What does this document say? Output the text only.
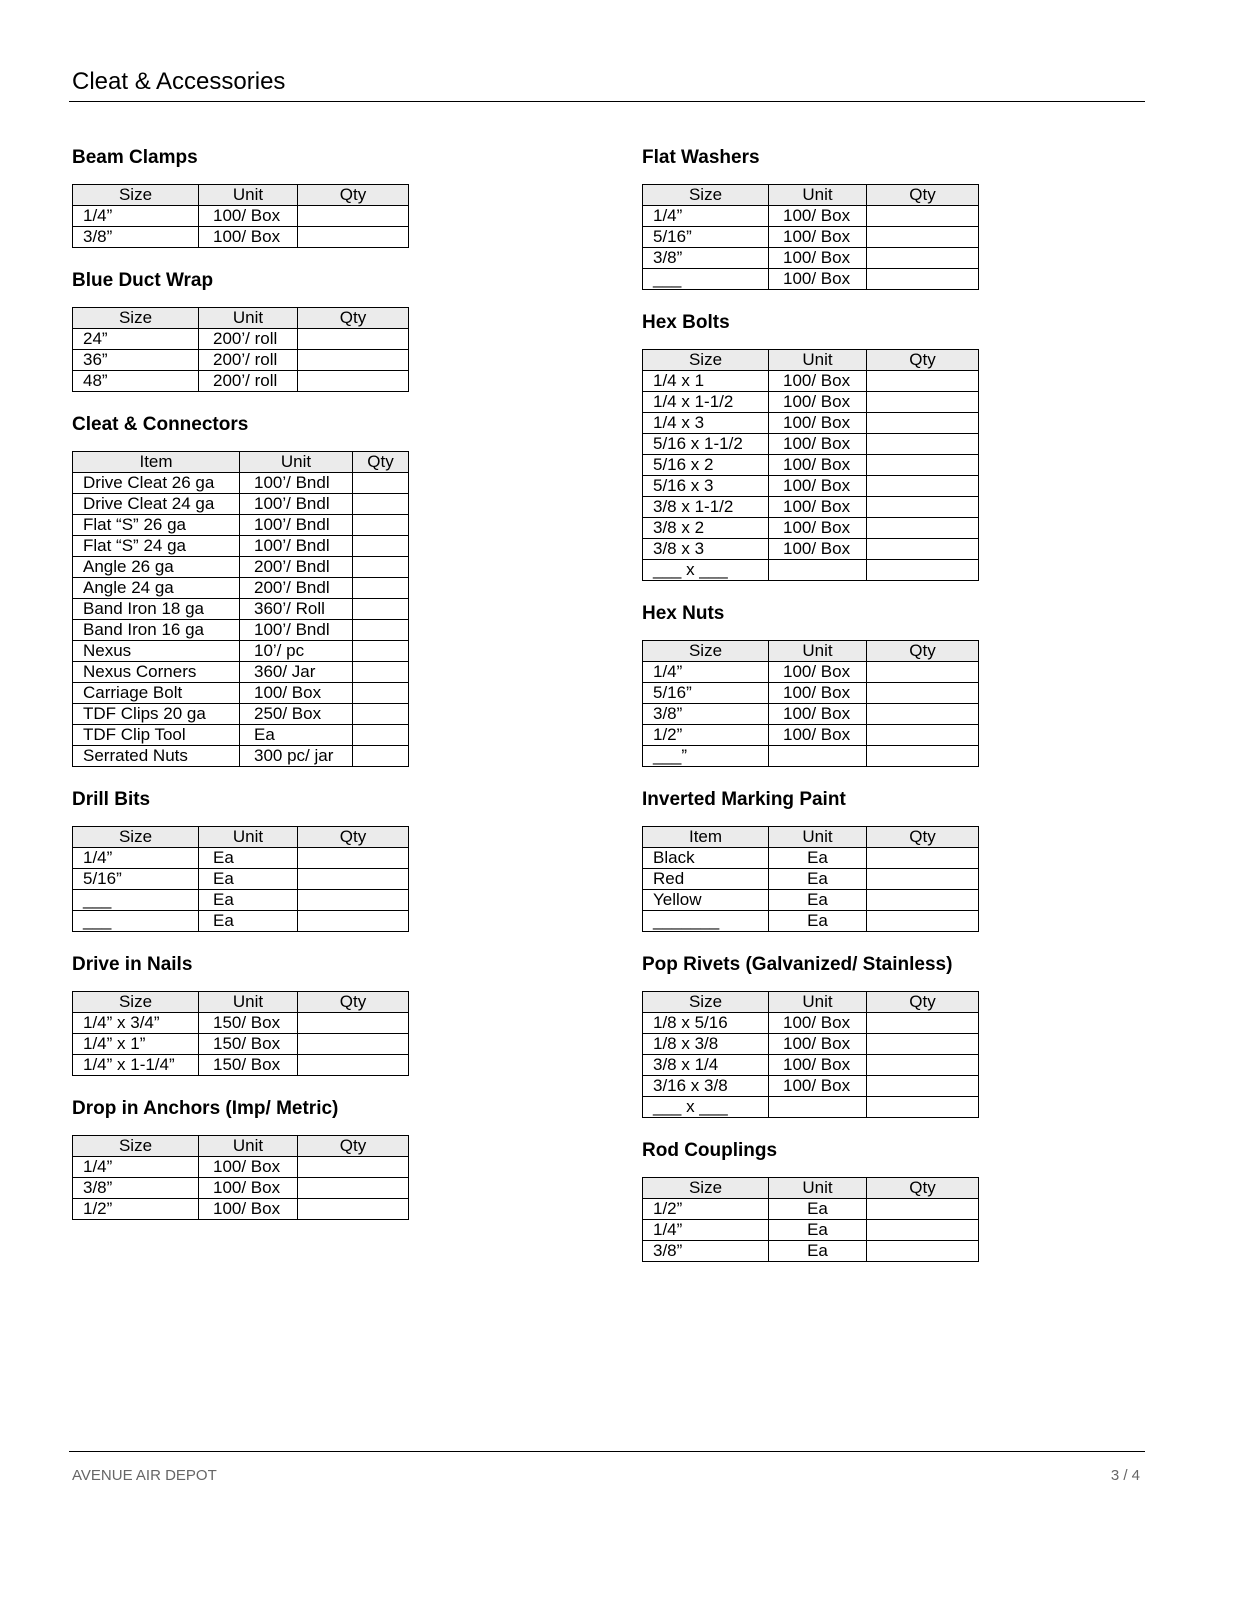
Cleat & Accessories
Beam Clamps
Size	Unit	Qty
1/4”	100/ Box	
3/8”	100/ Box	
Blue Duct Wrap
Size	Unit	Qty
24”	200’/ roll	
36”	200’/ roll	
48”	200’/ roll	
Cleat & Connectors
Item	Unit	Qty
Drive Cleat 26 ga	100’/ Bndl	
Drive Cleat 24 ga	100’/ Bndl	
Flat “S” 26 ga	100’/ Bndl	
Flat “S” 24 ga	100’/ Bndl	
Angle 26 ga	200’/ Bndl	
Angle 24 ga	200’/ Bndl	
Band Iron 18 ga	360’/ Roll	
Band Iron 16 ga	100’/ Bndl	
Nexus	10’/ pc	
Nexus Corners	360/ Jar	
Carriage Bolt	100/ Box	
TDF Clips 20 ga	250/ Box	
TDF Clip Tool	Ea	
Serrated Nuts	300 pc/ jar	
Drill Bits
Size	Unit	Qty
1/4”	Ea	
5/16”	Ea	
___	Ea	
___	Ea	
Drive in Nails
Size	Unit	Qty
1/4” x 3/4”	150/ Box	
1/4” x 1”	150/ Box	
1/4” x 1-1/4”	150/ Box	
Drop in Anchors (Imp/ Metric)
Size	Unit	Qty
1/4”	100/ Box	
3/8”	100/ Box	
1/2”	100/ Box	
Flat Washers
Size	Unit	Qty
1/4”	100/ Box	
5/16”	100/ Box	
3/8”	100/ Box	
___	100/ Box	
Hex Bolts
Size	Unit	Qty
1/4 x 1	100/ Box	
1/4 x 1-1/2	100/ Box	
1/4 x 3	100/ Box	
5/16 x 1-1/2	100/ Box	
5/16 x 2	100/ Box	
5/16 x 3	100/ Box	
3/8 x 1-1/2	100/ Box	
3/8 x 2	100/ Box	
3/8 x 3	100/ Box	
___ x ___		
Hex Nuts
Size	Unit	Qty
1/4”	100/ Box	
5/16”	100/ Box	
3/8”	100/ Box	
1/2”	100/ Box	
___”		
Inverted Marking Paint
Item	Unit	Qty
Black	Ea	
Red	Ea	
Yellow	Ea	
_______	Ea	
Pop Rivets (Galvanized/ Stainless)
Size	Unit	Qty
1/8 x 5/16	100/ Box	
1/8 x 3/8	100/ Box	
3/8 x 1/4	100/ Box	
3/16 x 3/8	100/ Box	
___ x ___		
Rod Couplings
Size	Unit	Qty
1/2”	Ea	
1/4”	Ea	
3/8”	Ea	
AVENUE AIR DEPOT	3 / 4
